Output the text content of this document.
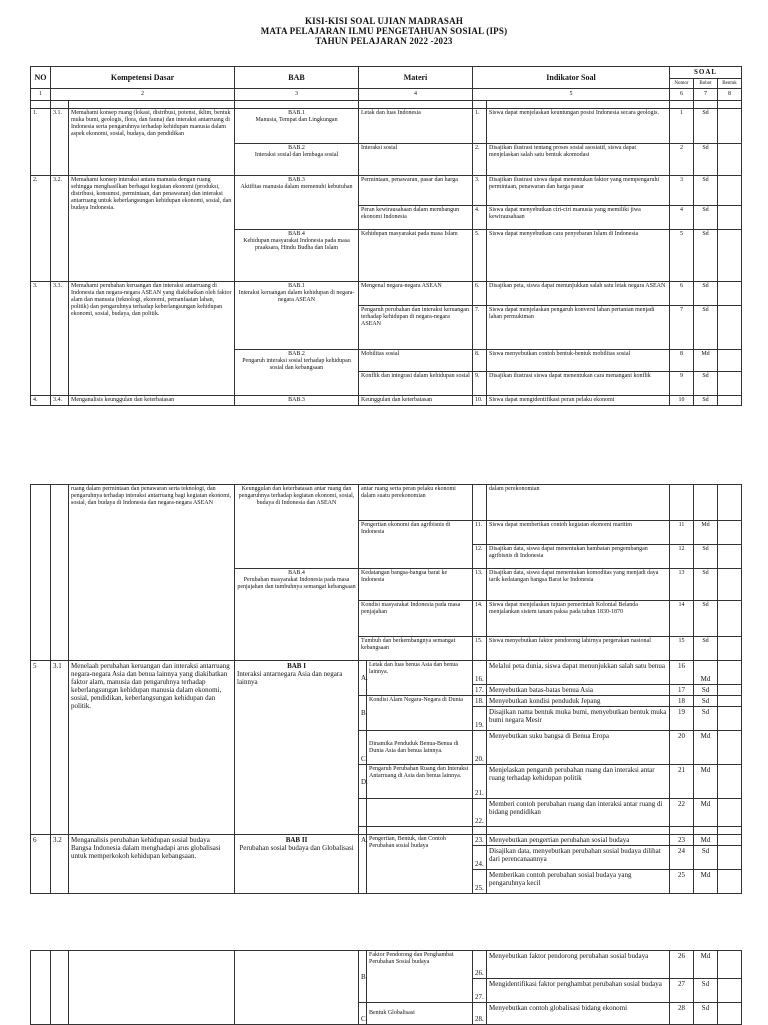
KISI-KISI SOAL UJIAN MADRASAH
MATA PELAJARAN ILMU PENGETAHUAN SOSIAL (IPS)
TAHUN PELAJARAN 2022 -2023
NO	Kompetensi Dasar		BAB	Materi	Indikator Soal		SOAL		
							Nomor	Bobot	Bentuk
1	2		3	4	5		6	7	8

1.	3.1.	Memahami konsep ruang (lokasi, distribusi, potensi, iklim, bentuk muka bumi, geologis, flora, dan fauna) dan interaksi antarruang di Indonesia serta pengaruhnya terhadap kehidupan manusia dalam aspek ekonomi, sosial, budaya, dan pendidikan	BAB.1
Manusia, Tempat dan Lingkungan	Letak dan luas Indonesia	1.	Siswa dapat menjelaskan keuntungan posisi Indonesia secara geologis.	1	Sd	

			BAB.2
Interaksi sosial dan lembaga sosial	Interaksi sosial	2.	Disajikan ilustrasi tentang proses sosial asosiatif, siswa dapat menjelaskan salah satu bentuk akomodasi	2	Sd	
2.	3.2.	Memahami konsep interaksi antara manusia dengan ruang sehingga menghasilkan berbagai kegiatan ekonomi (produksi, distribusi, konsumsi, permintaan, dan penawaran) dan interaksi antarruang untuk keberlangsungan kehidupan ekonomi, sosial, dan budaya Indonesia.	BAB.3
Aktifitas manusia dalam memenuhi kebutuhan	Permintaan, penawaran, pasar dan harga	3.	Disajikan ilustrasi siswa dapat menentukan faktor yang mempengaruhi permintaan, penawaran dan harga pasar	3	Sd	
				Peran kewirausahaan dalam membangun ekonomi Indonesia	4.	Siswa dapat menyebutkan ciri-ciri manusia yang memiliki jiwa kewirausahaan	4	Sd	

			BAB.4
Kehidupan masyarakat Indonesia pada masa praaksara, Hindu Budha dan Islam	Kehidupan masyarakat pada masa Islam	5.	Siswa dapat menyebutkan cara penyebaran Islam di Indonesia	5	Sd	
3.	3.3.	Memahami perubahan keruangan dan interaksi antarruang di Indonesia dan negara-negara ASEAN yang diakibatkan oleh faktor alam dan manusia (teknologi, ekonomi, pemanfaatan lahan, politik) dan pengaruhnya terhadap keberlangsungan kehidupan ekonomi, sosial, budaya, dan politik.	BAB.1
Interaksi keruangan dalam kehidupan di negara-negara ASEAN	Mengenal negara-negara ASEAN	6.	Disajikan peta, siswa dapat menunjukkan salah satu letak negara ASEAN	6	Sd	
				Pengaruh perubahan dan interaksi keruangan terhadap kehidupan di negara-negara ASEAN	7.	Siswa dapat menjelaskan pengaruh konversi lahan pertanian menjadi lahan permukiman	7	Sd	

			BAB.2
Pengaruh interaksi sosial terhadap kehidupan sosial dan kebangsaan	Mobilitas sosial	8.	Siswa menyebutkan contoh bentuk-bentuk mobilitas sosial	8	Md	
				Konflik dan integrasi dalam kehidupan sosial	9.	Disajikan ilustrasi siswa dapat menentukan cara menangani konflik	9	Sd	
4.	3.4.	Menganalisis keunggulan dan keterbatasan	BAB.3	Keunggulan dan keterbatasan	10.	Siswa dapat mengidentifikasi peran pelaku ekonomi	10	Sd	
		ruang dalam permintaan dan penawaran serta teknologi, dan pengaruhnya terhadap interaksi antarruang bagi kegiatan ekonomi, sosial, dan budaya di Indonesia dan negara-negara ASEAN	Keunggulan dan keterbatasan antar ruang dan pengaruhnya terhadap kegiatan ekonomi, sosial, budaya di Indonesia dan ASEAN	antar ruang serta peran pelaku ekonomi dalam suatu perekonomian			dalam perekonomian			
				Pengertian ekonomi dan agribisnis di Indonesia		11.	Siswa dapat memberikan contoh kegiatan ekonomi maritim	11	Md	
						12.	Disajikan data, siswa dapat menentukan hambatan pengembangan agribisnis di Indonesia	12	Sd	

			BAB.4
Perubahan masyarakat Indonesia pada masa penjajahan dan tumbuhnya semangat kebangsaan	Kedatangan bangsa-bangsa barat ke Indonesia		13.	Disajikan data, siswa dapat menentukan komoditas yang menjadi daya tarik kedatangan bangsa Barat ke Indonesia	13	Sd	
				Kondisi masyarakat Indonesia pada masa penjajahan		14.	Siswa dapat menjelaskan tujuan pemerintah Kolonial Belanda menjalankan sistem tanam paksa pada tahun 1830-1870	14	Sd	
				Tumbuh dan berkembangnya semangat kebangsaan		15.	Siswa menyebutkan faktor pendorong lahirnya pergerakan nasional	15	Sd	
5	3.1	Menelaah perubahan keruangan dan interaksi antarruang negara-negara Asia dan benua lainnya yang diakibatkan faktor alam, manusia dan pengaruhnya terhadap keberlangsungan kehidupan manusia dalam ekonomi, sosial, pendidikan, keberlangsungan kehidupan dan politik.	BAB I
Interaksi antarnegara Asia dan negara lainnya	A.	Letak dan luas benua Asia dan benua lainnya.	16.	Melalui peta dunia, siswa dapat menunjukkan salah satu benua	16	Md	
						17.	Menyebutkan batas-batas benua Asia	17	Sd	
				B.	Kondisi Alam Negara-Negara di Dunia	18.	Menyebutkan kondisi penduduk Jepang	18	Sd	
						19.	Disajikan nama bentuk muka bumi, menyebutkan bentuk muka bumi negara Mesir	19	Sd	
				C.	Dinamika Penduduk Benua-Benua di Dunia Asia dan benua lainnya.	20.	Menyebutkan suku bangsa di Benua Eropa	20	Md	
				D.	Pengaruh Perubahan Ruang dan Interaksi Antarruang di Asia dan benua lainnya.	21.	Menjelaskan pengaruh perubahan ruang dan interaksi antar ruang terhadap kehidupan politik	21	Md	
						22.	Memberi contoh perubahan ruang dan interaksi antar ruang di bidang pendidikan	22	Md	

6	3.2	Menganalisis perubahan kehidupan sosial budaya Bangsa Indonesia dalam menghadapi arus globalisasi untuk memperkokoh kehidupan kebangsaan.	BAB II
Perubahan sosial budaya dan Globalisasi	A.	Pengertian, Bentuk, dan Contoh Perubahan sosial budaya	23.	Menyebutkan pengertian perubahan sosial budaya	23	Md	
						24.	Disajikan data, menyebutkan perubahan sosial budaya dilihat dari perencanaannya	24	Sd	
						25.	Memberikan contoh perubahan sosial budaya yang pengaruhnya kecil	25	Md	
				B.	Faktor Pendorong dan Penghambat Perubahan Sosial budaya	26.	Menyebutkan faktor pendorong perubahan sosial budaya	26	Md	
						27.	Mengidentifikasi faktor penghambat perubahan sosial budaya	27	Sd	
				C.	Bentuk Globalisasi	28.	Menyebutkan contoh globalisasi bidang ekonomi	28	Sd	
